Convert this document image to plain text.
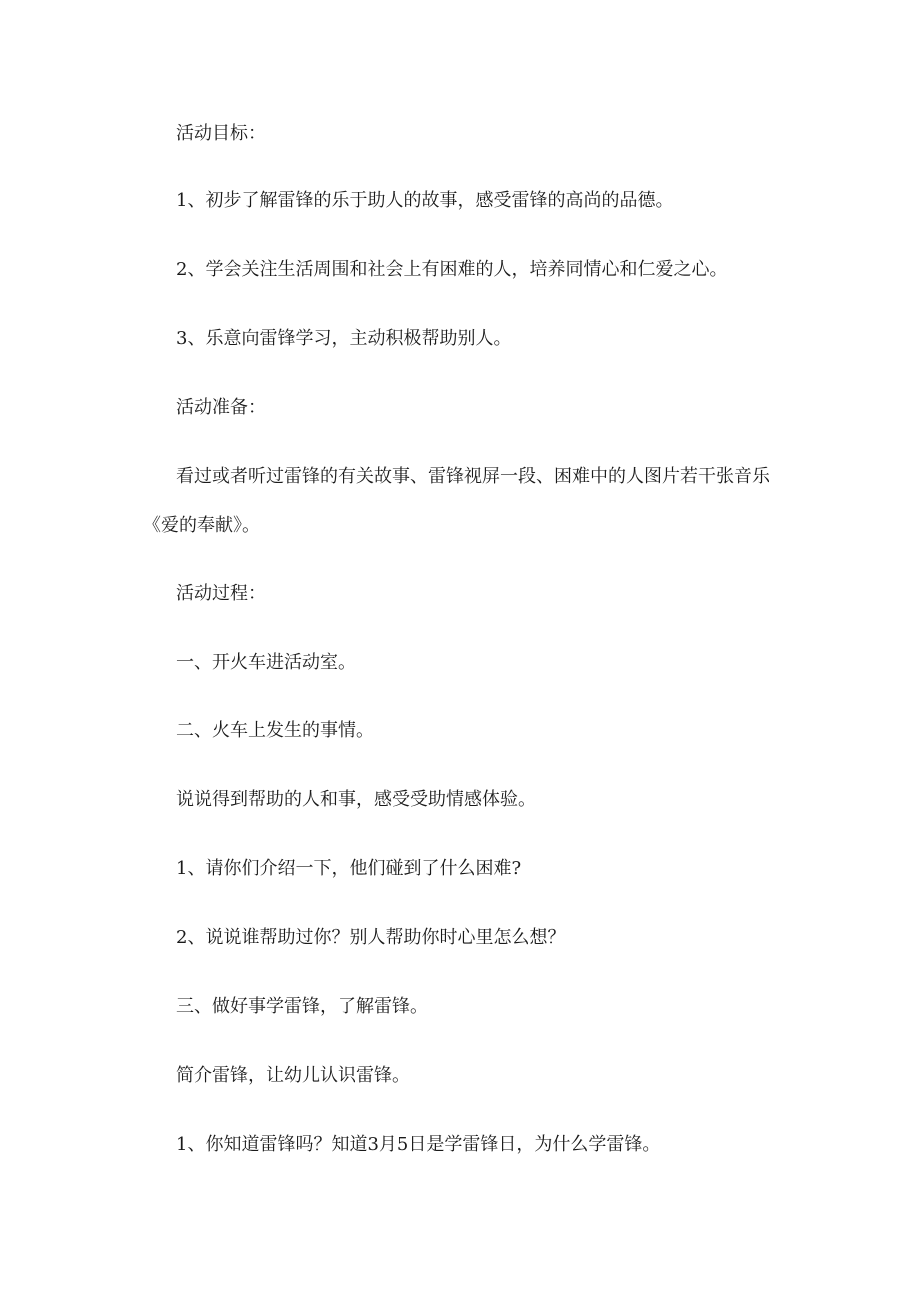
活动目标：
1、初步了解雷锋的乐于助人的故事，感受雷锋的高尚的品德。
2、学会关注生活周围和社会上有困难的人，培养同情心和仁爱之心。
3、乐意向雷锋学习，主动积极帮助别人。
活动准备：
看过或者听过雷锋的有关故事、雷锋视屏一段、困难中的人图片若干张音乐
《爱的奉献》。
活动过程：
一、开火车进活动室。
二、火车上发生的事情。
说说得到帮助的人和事，感受受助情感体验。
1、请你们介绍一下，他们碰到了什么困难?
2、说说谁帮助过你？别人帮助你时心里怎么想？
三、做好事学雷锋，了解雷锋。
简介雷锋，让幼儿认识雷锋。
1、你知道雷锋吗？知道3月5日是学雷锋日，为什么学雷锋。
